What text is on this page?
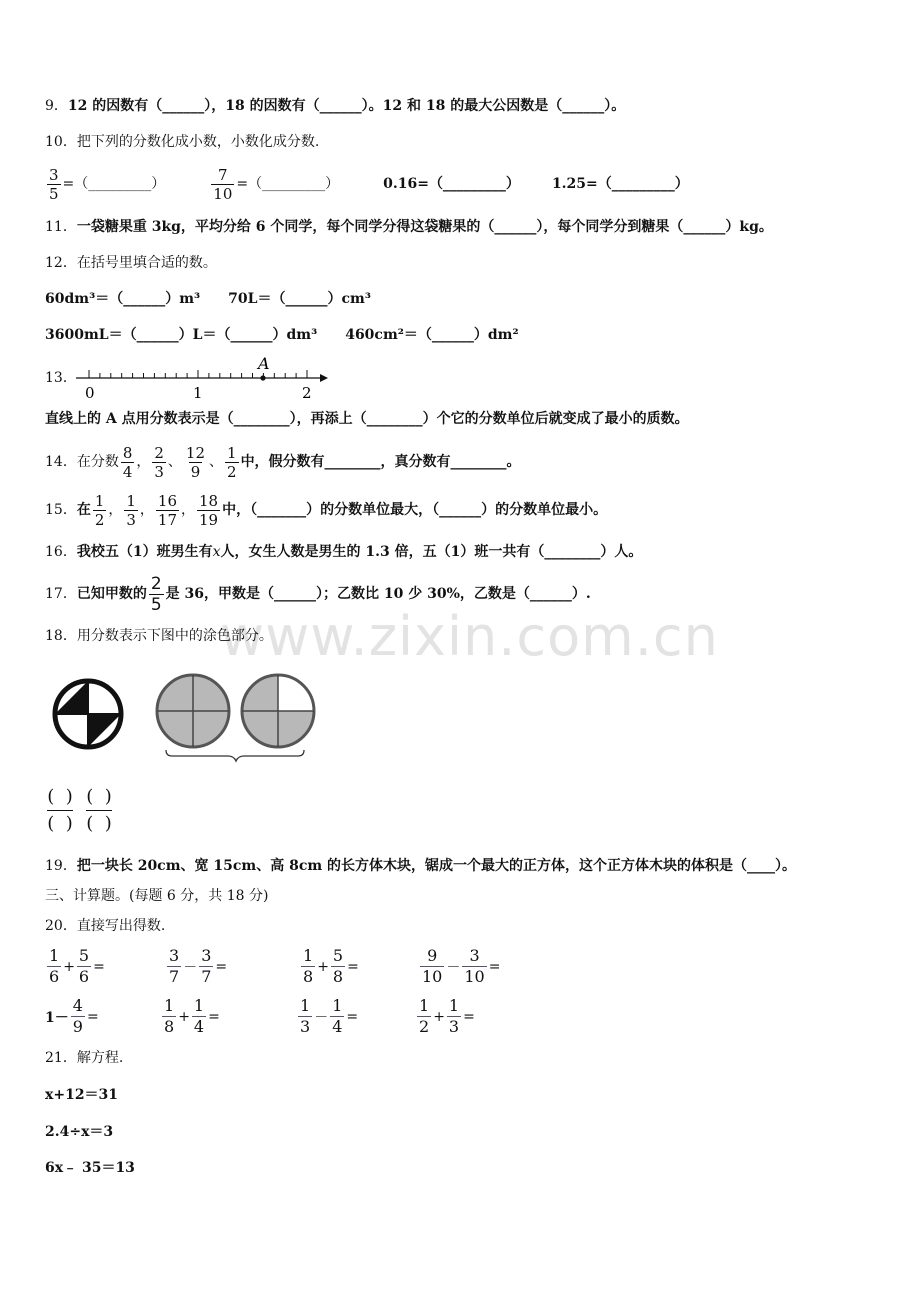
www.zixin.com.cn
9．12 的因数有（______），18 的因数有（______）。12 和 18 的最大公因数是（______）。
10．把下列的分数化成小数，小数化成分数.
$\frac{3}{5}$ =（_________）	$\frac{7}{10}$ =（_________）	0.16=（_________） 1.25=（_________）
11．一袋糖果重 3kg，平均分给 6 个同学，每个同学分得这袋糖果的（______），每个同学分到糖果（______）kg。
12．在括号里填合适的数。
60dm³＝（______）m³　　70L＝（______）cm³
3600mL＝（______）L＝（______）dm³　　460cm²＝（______）dm²
13．
A
0	1	2
直线上的 A 点用分数表示是（________），再添上（________）个它的分数单位后就变成了最小的质数。
14． 在分数 $\frac{8}{4}$ ， $\frac{2}{3}$ 、 $\frac{12}{9}$ 、 $\frac{1}{2}$ 中，假分数有________，真分数有________。
15． 在 $\frac{1}{2}$ ， $\frac{1}{3}$ ， $\frac{16}{17}$ ， $\frac{18}{19}$ 中，（_______）的分数单位最大，（______）的分数单位最小。
16．我校五（1）班男生有x人，女生人数是男生的 1.3 倍，五（1）班一共有（________）人。
17． 已知甲数的 $\frac{2}{5}$ 是 36，甲数是（______）；乙数比 10 少 30%，乙数是（______）.
18．用分数表示下图中的涂色部分。
( )
( )
( )
( )
19．把一块长 20cm、宽 15cm、高 8cm 的长方体木块，锯成一个最大的正方体，这个正方体木块的体积是（____）。
三、计算题。(每题 6 分，共 18 分)
20．直接写出得数.
$\frac{1}{6} + \frac{5}{6}$ =	$\frac{3}{7} - \frac{3}{7}$ =	$\frac{1}{8} + \frac{5}{8}$ =	$\frac{9}{10} - \frac{3}{10}$ =
$1- \frac{4}{9}$ =	$\frac{1}{8} + \frac{1}{4}$ =	$\frac{1}{3} - \frac{1}{4}$ =	$\frac{1}{2} + \frac{1}{3}$ =
21．解方程.
x+12＝31
2.4÷x＝3
6x﹣ 35＝13
